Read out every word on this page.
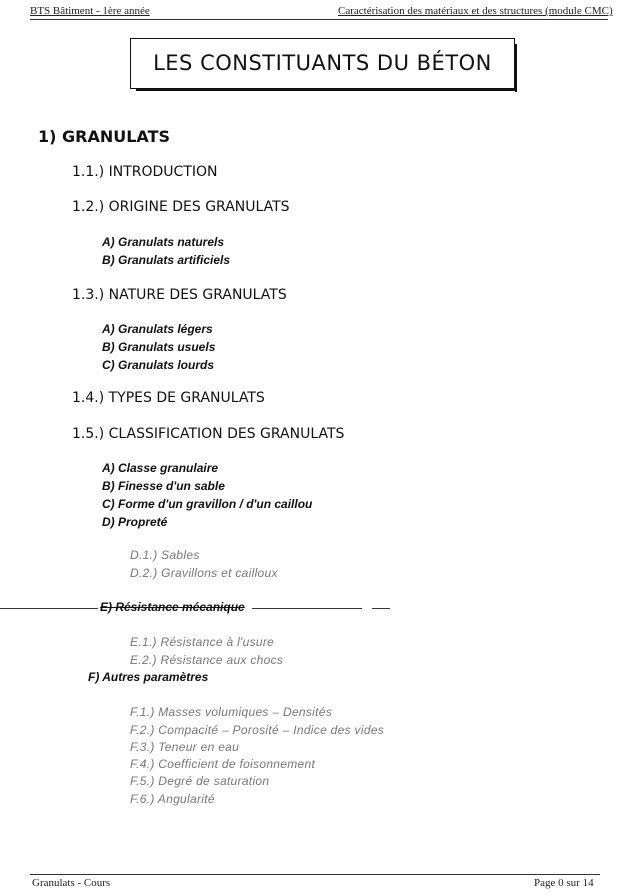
BTS Bâtiment - 1ère année	Caractérisation des matériaux et des structures (module CMC)
LES CONSTITUANTS DU BÉTON
1) GRANULATS
1.1.) INTRODUCTION
1.2.) ORIGINE DES GRANULATS
A) Granulats naturels
B) Granulats artificiels
1.3.) NATURE DES GRANULATS
A) Granulats légers
B) Granulats usuels
C) Granulats lourds
1.4.) TYPES DE GRANULATS
1.5.) CLASSIFICATION DES GRANULATS
A) Classe granulaire
B) Finesse d'un sable
C) Forme d'un gravillon / d'un caillou
D) Propreté
D.1.) Sables
D.2.) Gravillons et cailloux
E) Résistance mécanique
E.1.) Résistance à l'usure
E.2.) Résistance aux chocs
F) Autres paramètres
F.1.) Masses volumiques – Densités
F.2.) Compacité – Porosité – Indice des vides
F.3.) Teneur en eau
F.4.) Coefficient de foisonnement
F.5.) Degré de saturation
F.6.) Angularité
Granulats - Cours	Page 0 sur 14
